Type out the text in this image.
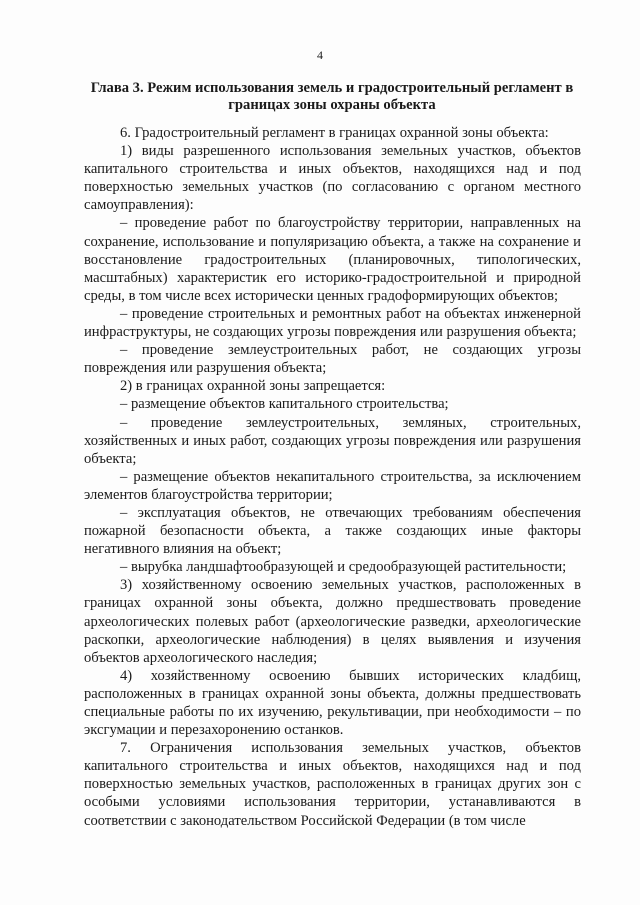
4
Глава 3. Режим использования земель и градостроительный регламент в границах зоны охраны объекта

6. Градостроительный регламент в границах охранной зоны объекта:

1) виды разрешенного использования земельных участков, объектов капитального строительства и иных объектов, находящихся над и под поверхностью земельных участков (по согласованию с органом местного самоуправления):

– проведение работ по благоустройству территории, направленных на сохранение, использование и популяризацию объекта, а также на сохранение и восстановление градостроительных (планировочных, типологических, масштабных) характеристик его историко-градостроительной и природной среды, в том числе всех исторически ценных градоформирующих объектов;

– проведение строительных и ремонтных работ на объектах инженерной инфраструктуры, не создающих угрозы повреждения или разрушения объекта;

– проведение землеустроительных работ, не создающих угрозы повреждения или разрушения объекта;

2) в границах охранной зоны запрещается:

– размещение объектов капитального строительства;

– проведение землеустроительных, земляных, строительных, хозяйственных и иных работ, создающих угрозы повреждения или разрушения объекта;

– размещение объектов некапитального строительства, за исключением элементов благоустройства территории;

– эксплуатация объектов, не отвечающих требованиям обеспечения пожарной безопасности объекта, а также создающих иные факторы негативного влияния на объект;

– вырубка ландшафтообразующей и средообразующей растительности;

3) хозяйственному освоению земельных участков, расположенных в границах охранной зоны объекта, должно предшествовать проведение археологических полевых работ (археологические разведки, археологические раскопки, археологические наблюдения) в целях выявления и изучения объектов археологического наследия;

4) хозяйственному освоению бывших исторических кладбищ, расположенных в границах охранной зоны объекта, должны предшествовать специальные работы по их изучению, рекультивации, при необходимости – по эксгумации и перезахоронению останков.

7. Ограничения использования земельных участков, объектов капитального строительства и иных объектов, находящихся над и под поверхностью земельных участков, расположенных в границах других зон с особыми условиями использования территории, устанавливаются в соответствии с законодательством Российской Федерации (в том числе
